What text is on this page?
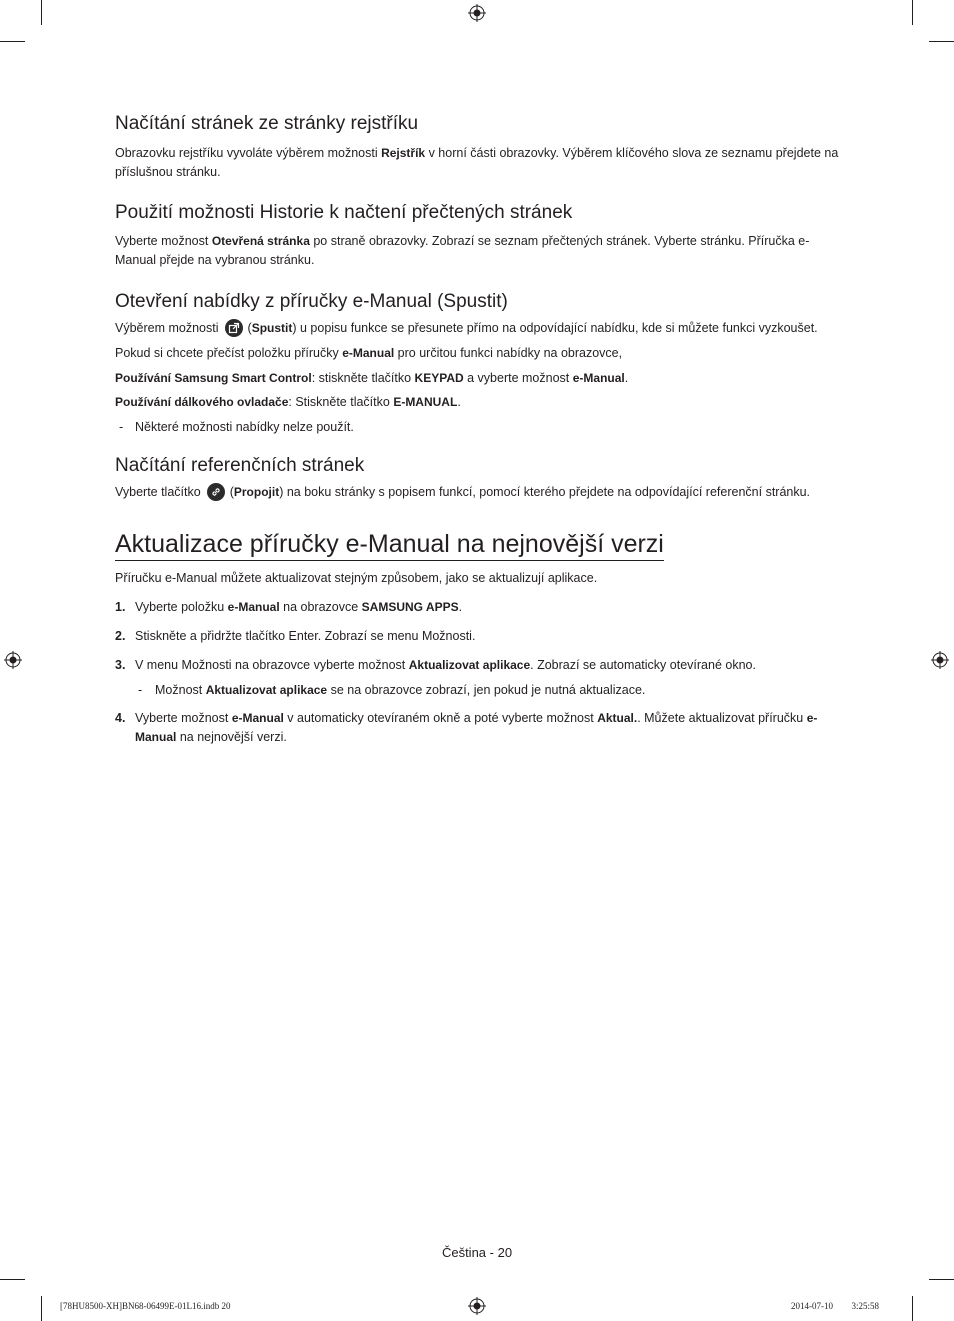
Načítání stránek ze stránky rejstříku

Obrazovku rejstříku vyvoláte výběrem možnosti Rejstřík v horní části obrazovky. Výběrem klíčového slova ze seznamu přejdete na příslušnou stránku.

Použití možnosti Historie k načtení přečtených stránek

Vyberte možnost Otevřená stránka po straně obrazovky. Zobrazí se seznam přečtených stránek. Vyberte stránku. Příručka e-Manual přejde na vybranou stránku.

Otevření nabídky z příručky e-Manual (Spustit)

Výběrem možnosti (Spustit) u popisu funkce se přesunete přímo na odpovídající nabídku, kde si můžete funkci vyzkoušet.

Pokud si chcete přečíst položku příručky e-Manual pro určitou funkci nabídky na obrazovce,

Používání Samsung Smart Control: stiskněte tlačítko KEYPAD a vyberte možnost e-Manual.

Používání dálkového ovladače: Stiskněte tlačítko E-MANUAL.

- Některé možnosti nabídky nelze použít.

Načítání referenčních stránek

Vyberte tlačítko (Propojit) na boku stránky s popisem funkcí, pomocí kterého přejdete na odpovídající referenční stránku.

Aktualizace příručky e-Manual na nejnovější verzi

Příručku e-Manual můžete aktualizovat stejným způsobem, jako se aktualizují aplikace.

1. Vyberte položku e-Manual na obrazovce SAMSUNG APPS.

2. Stiskněte a přidržte tlačítko Enter. Zobrazí se menu Možnosti.

3. V menu Možnosti na obrazovce vyberte možnost Aktualizovat aplikace. Zobrazí se automaticky otevírané okno.

- Možnost Aktualizovat aplikace se na obrazovce zobrazí, jen pokud je nutná aktualizace.

4. Vyberte možnost e-Manual v automaticky otevíraném okně a poté vyberte možnost Aktual.. Můžete aktualizovat příručku e-Manual na nejnovější verzi.

Čeština - 20
[78HU8500-XH]BN68-06499E-01L16.indb 20	2014-07-10 ￿￿ 3:25:58
